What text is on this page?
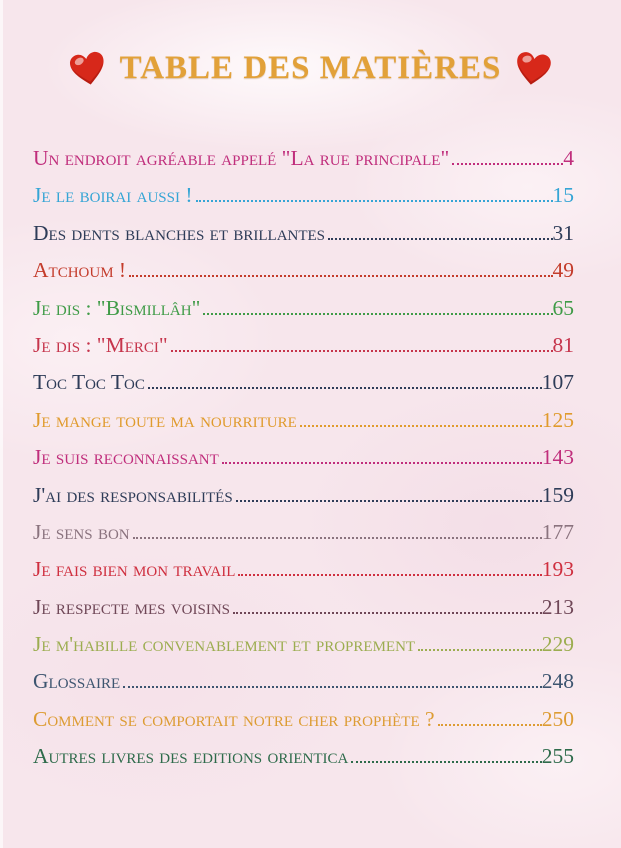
TABLE DES MATIÈRES
Un endroit agréable appelé "La rue principale"	4
Je le boirai aussi !	15
Des dents blanches et brillantes	31
Atchoum !	49
Je dis : "Bismillâh"	65
Je dis : "Merci"	81
Toc Toc Toc	107
Je mange toute ma nourriture	125
Je suis reconnaissant	143
J'ai des responsabilités	159
Je sens bon	177
Je fais bien mon travail	193
Je respecte mes voisins	213
Je m'habille convenablement et proprement	229
Glossaire	248
Comment se comportait notre cher prophète ?	250
Autres livres des editions orientica	255
